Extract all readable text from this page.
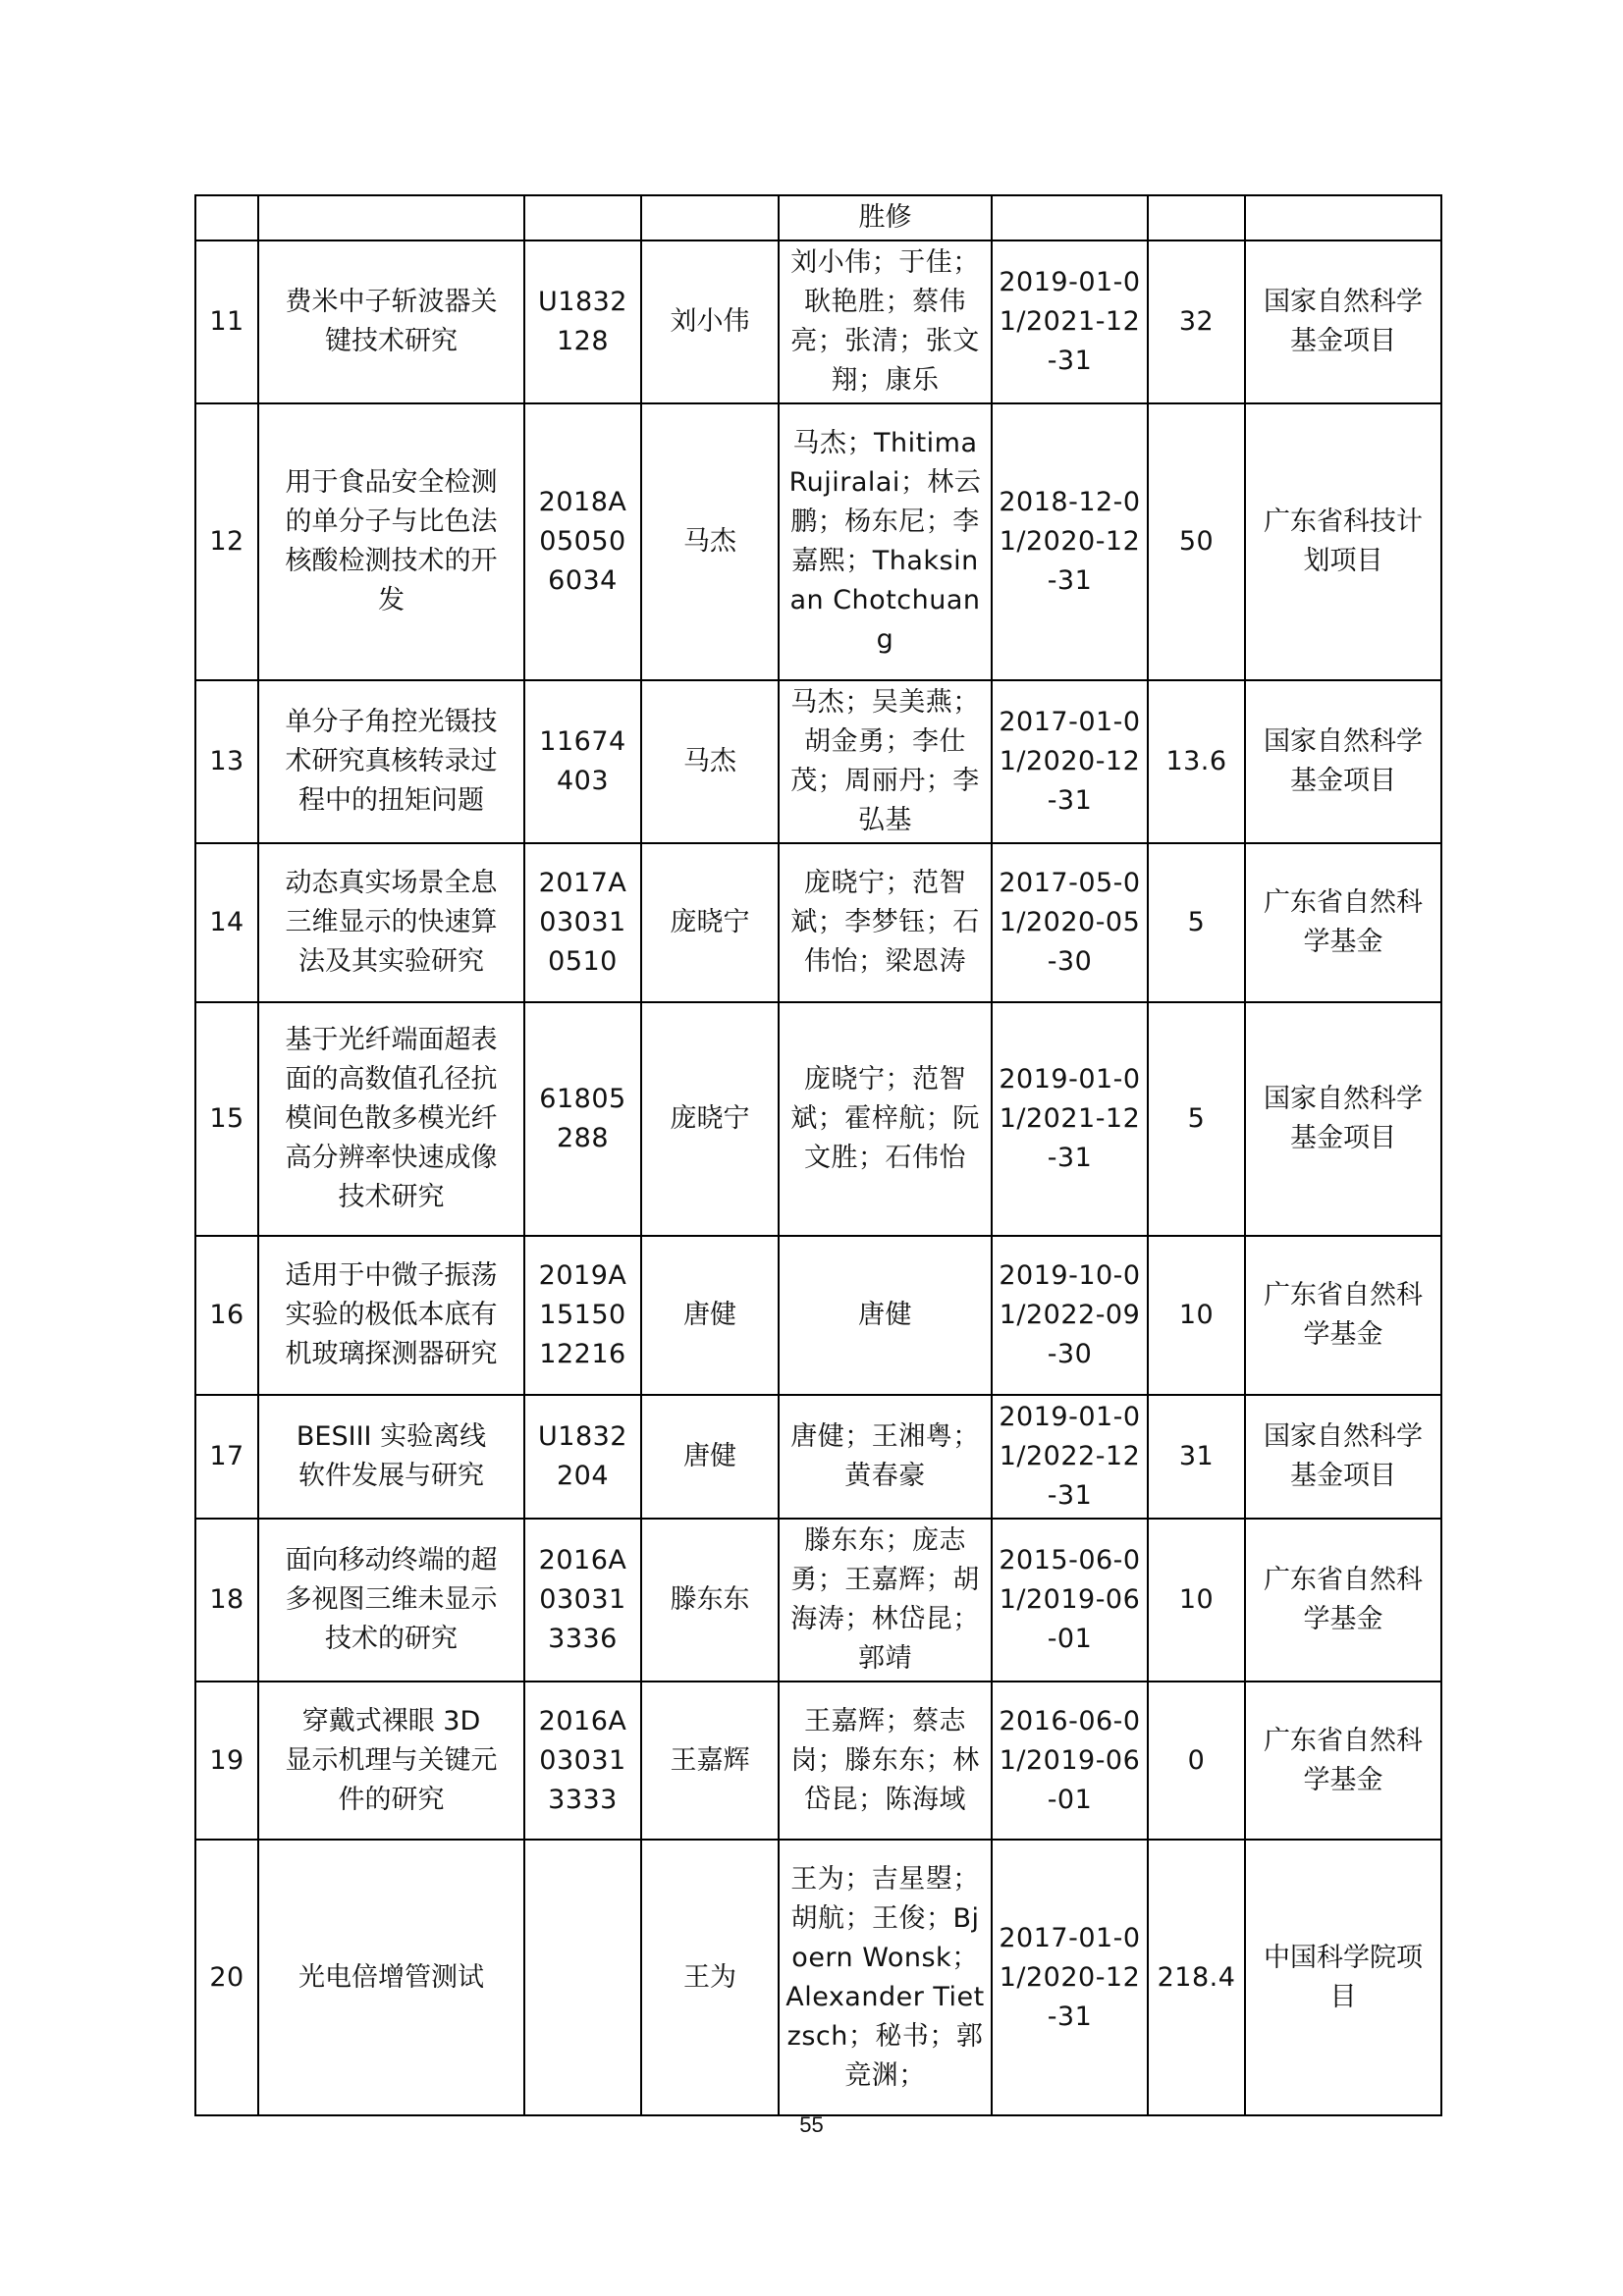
				胜修			
11	费米中子斩波器关键技术研究	U1832128	刘小伟	刘小伟；于佳；耿艳胜；蔡伟亮；张清；张文翔；康乐	2019-01-01/2021-12-31	32	国家自然科学基金项目
12	用于食品安全检测的单分子与比色法核酸检测技术的开发	2018A050506034	马杰	马杰；Thitima Rujiralai；林云鹏；杨东尼；李嘉熙；Thaksinan Chotchuang	2018-12-01/2020-12-31	50	广东省科技计划项目
13	单分子角控光镊技术研究真核转录过程中的扭矩问题	11674403	马杰	马杰；吴美燕；胡金勇；李仕茂；周丽丹；李弘基	2017-01-01/2020-12-31	13.6	国家自然科学基金项目
14	动态真实场景全息三维显示的快速算法及其实验研究	2017A030310510	庞晓宁	庞晓宁；范智斌；李梦钰；石伟怡；梁恩涛	2017-05-01/2020-05-30	5	广东省自然科学基金
15	基于光纤端面超表面的高数值孔径抗模间色散多模光纤高分辨率快速成像技术研究	61805288	庞晓宁	庞晓宁；范智斌；霍梓航；阮文胜；石伟怡	2019-01-01/2021-12-31	5	国家自然科学基金项目
16	适用于中微子振荡实验的极低本底有机玻璃探测器研究	2019A1515012216	唐健	唐健	2019-10-01/2022-09-30	10	广东省自然科学基金
17	BESIII 实验离线软件发展与研究	U1832204	唐健	唐健；王湘粤；黄春豪	2019-01-01/2022-12-31	31	国家自然科学基金项目
18	面向移动终端的超多视图三维未显示技术的研究	2016A030313336	滕东东	滕东东；庞志勇；王嘉辉；胡海涛；林岱昆；郭靖	2015-06-01/2019-06-01	10	广东省自然科学基金
19	穿戴式裸眼 3D 显示机理与关键元件的研究	2016A030313333	王嘉辉	王嘉辉；蔡志岗；滕东东；林岱昆；陈海域	2016-06-01/2019-06-01	0	广东省自然科学基金
20	光电倍增管测试		王为	王为；吉星曌；胡航；王俊；Bjoern Wonsk；Alexander Tietzsch；秘书；郭竞渊；	2017-01-01/2020-12-31	218.4	中国科学院项目
55
